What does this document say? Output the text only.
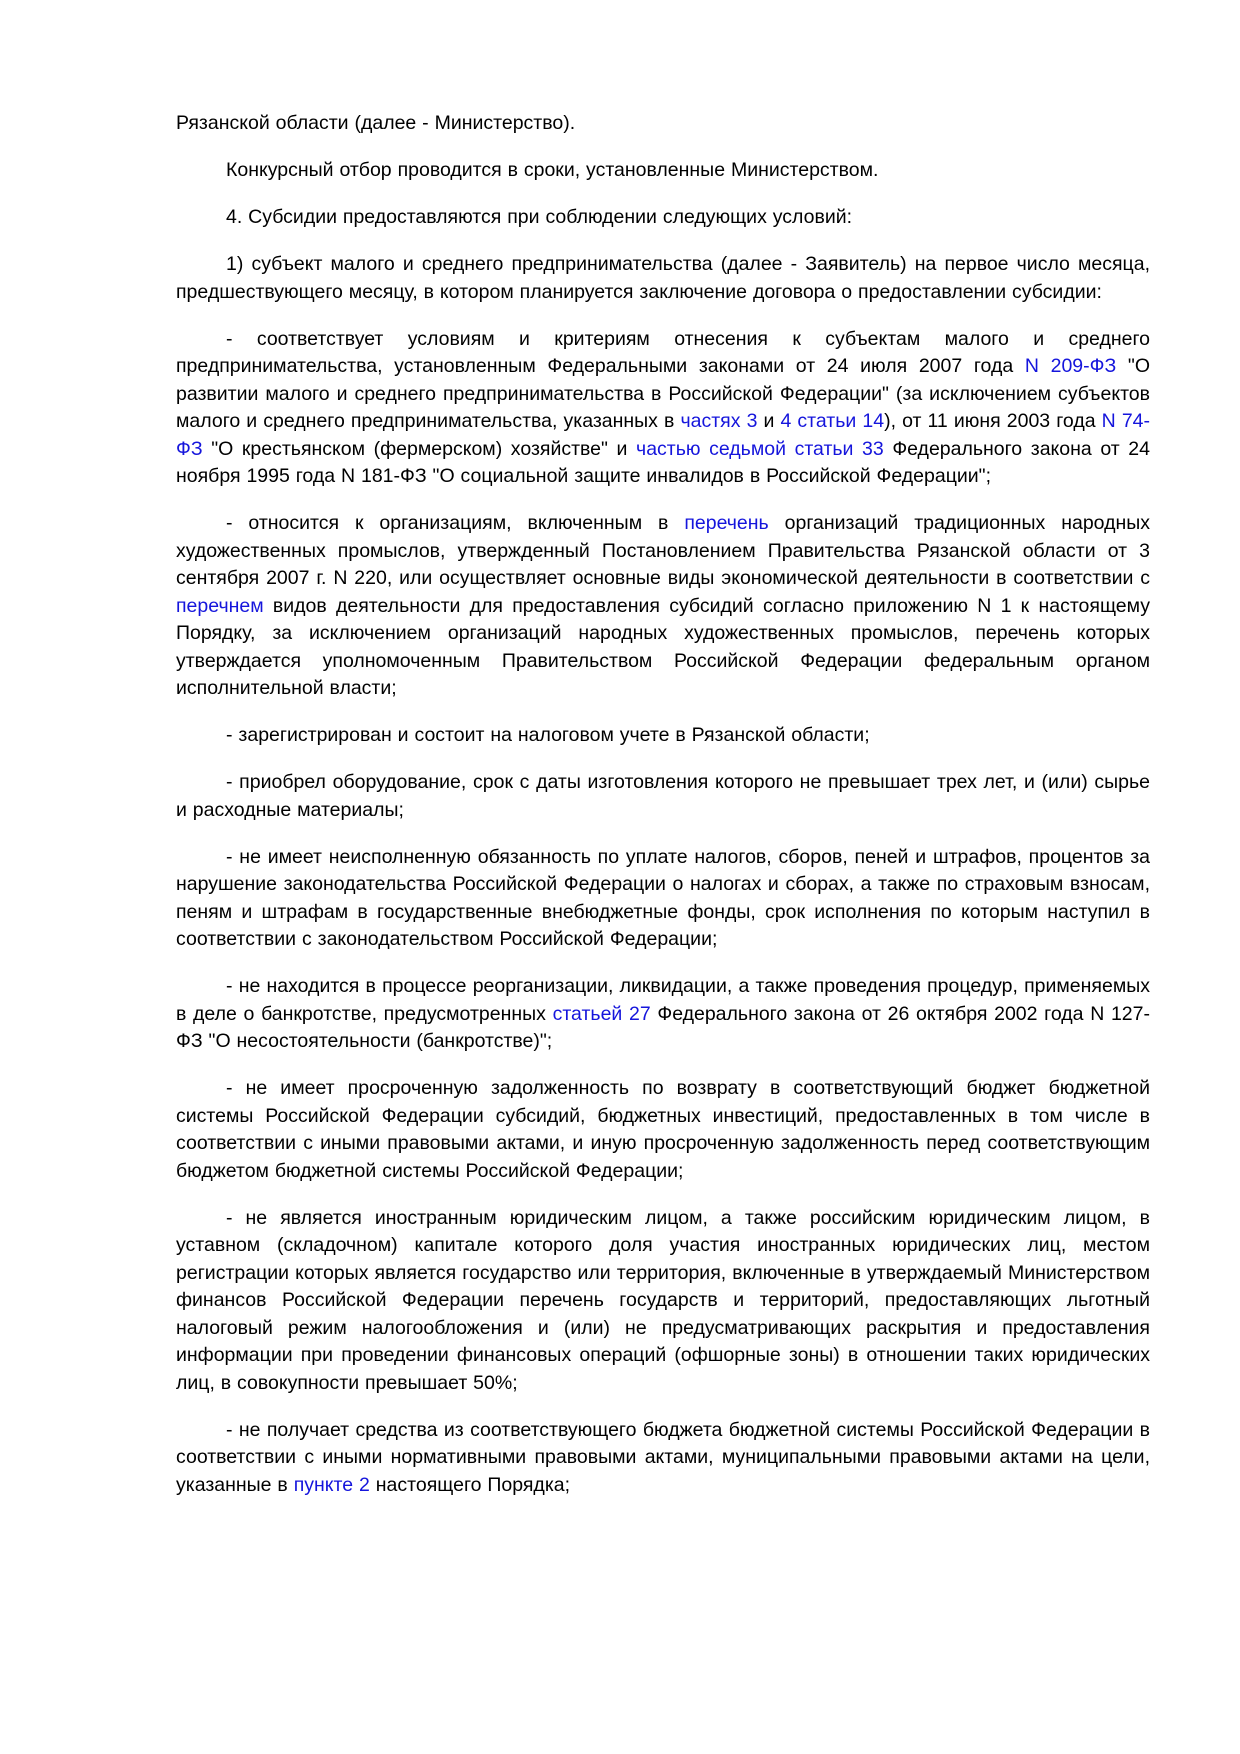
Рязанской области (далее - Министерство).

Конкурсный отбор проводится в сроки, установленные Министерством.

4. Субсидии предоставляются при соблюдении следующих условий:

1) субъект малого и среднего предпринимательства (далее - Заявитель) на первое число месяца, предшествующего месяцу, в котором планируется заключение договора о предоставлении субсидии:

- соответствует условиям и критериям отнесения к субъектам малого и среднего предпринимательства, установленным Федеральными законами от 24 июля 2007 года N 209-ФЗ "О развитии малого и среднего предпринимательства в Российской Федерации" (за исключением субъектов малого и среднего предпринимательства, указанных в частях 3 и 4 статьи 14), от 11 июня 2003 года N 74-ФЗ "О крестьянском (фермерском) хозяйстве" и частью седьмой статьи 33 Федерального закона от 24 ноября 1995 года N 181-ФЗ "О социальной защите инвалидов в Российской Федерации";

- относится к организациям, включенным в перечень организаций традиционных народных художественных промыслов, утвержденный Постановлением Правительства Рязанской области от 3 сентября 2007 г. N 220, или осуществляет основные виды экономической деятельности в соответствии с перечнем видов деятельности для предоставления субсидий согласно приложению N 1 к настоящему Порядку, за исключением организаций народных художественных промыслов, перечень которых утверждается уполномоченным Правительством Российской Федерации федеральным органом исполнительной власти;

- зарегистрирован и состоит на налоговом учете в Рязанской области;

- приобрел оборудование, срок с даты изготовления которого не превышает трех лет, и (или) сырье и расходные материалы;

- не имеет неисполненную обязанность по уплате налогов, сборов, пеней и штрафов, процентов за нарушение законодательства Российской Федерации о налогах и сборах, а также по страховым взносам, пеням и штрафам в государственные внебюджетные фонды, срок исполнения по которым наступил в соответствии с законодательством Российской Федерации;

- не находится в процессе реорганизации, ликвидации, а также проведения процедур, применяемых в деле о банкротстве, предусмотренных статьей 27 Федерального закона от 26 октября 2002 года N 127-ФЗ "О несостоятельности (банкротстве)";

- не имеет просроченную задолженность по возврату в соответствующий бюджет бюджетной системы Российской Федерации субсидий, бюджетных инвестиций, предоставленных в том числе в соответствии с иными правовыми актами, и иную просроченную задолженность перед соответствующим бюджетом бюджетной системы Российской Федерации;

- не является иностранным юридическим лицом, а также российским юридическим лицом, в уставном (складочном) капитале которого доля участия иностранных юридических лиц, местом регистрации которых является государство или территория, включенные в утверждаемый Министерством финансов Российской Федерации перечень государств и территорий, предоставляющих льготный налоговый режим налогообложения и (или) не предусматривающих раскрытия и предоставления информации при проведении финансовых операций (офшорные зоны) в отношении таких юридических лиц, в совокупности превышает 50%;

- не получает средства из соответствующего бюджета бюджетной системы Российской Федерации в соответствии с иными нормативными правовыми актами, муниципальными правовыми актами на цели, указанные в пункте 2 настоящего Порядка;
